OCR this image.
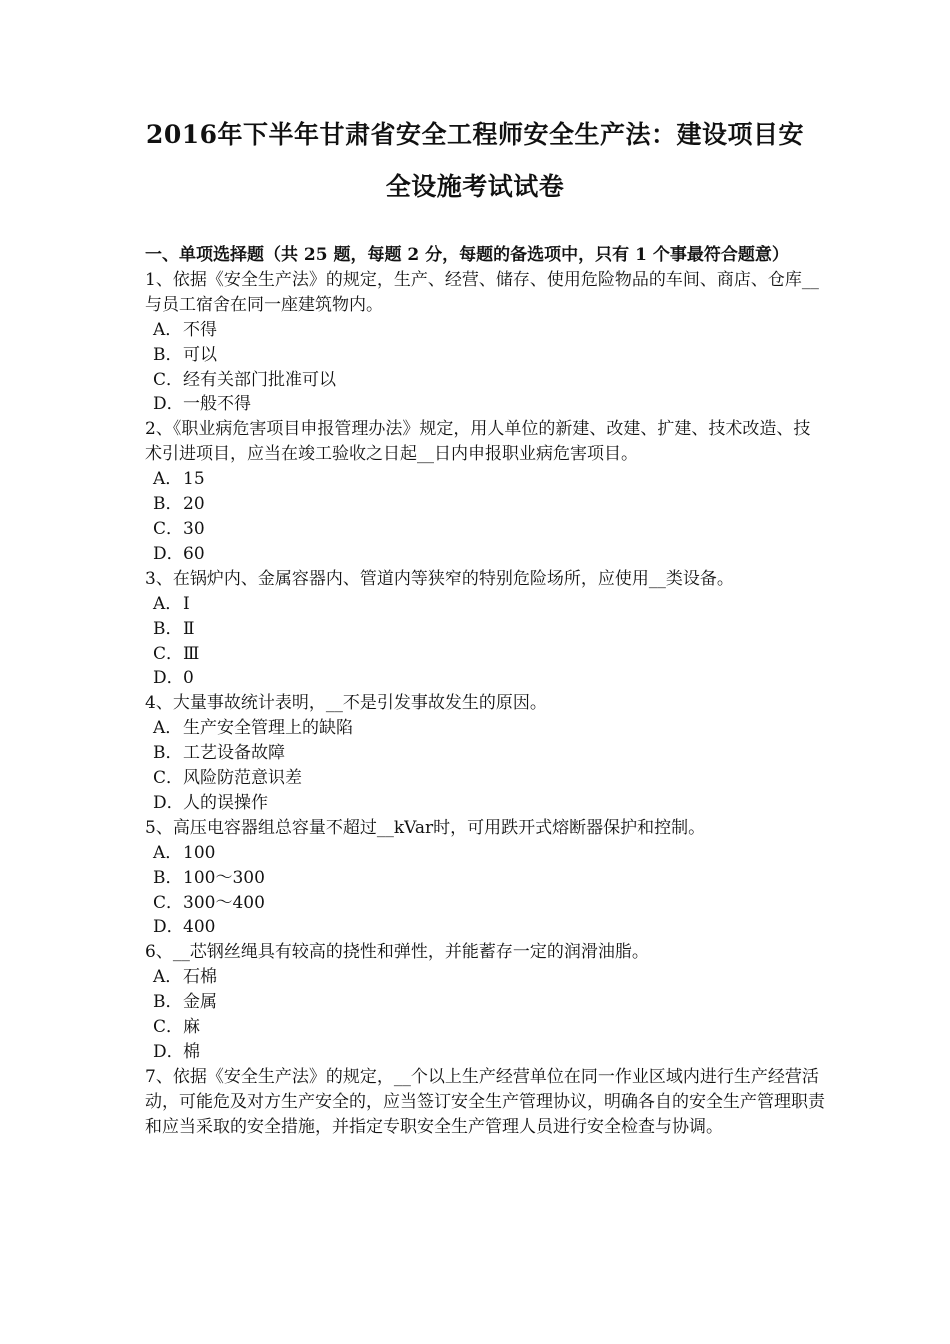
2016年下半年甘肃省安全工程师安全生产法：建设项目安
全设施考试试卷
一、单项选择题（共 25 题，每题 2 分，每题的备选项中，只有 1 个事最符合题意）
1、依据《安全生产法》的规定，生产、经营、储存、使用危险物品的车间、商店、仓库__与员工宿舍在同一座建筑物内。
A．不得
B．可以
C．经有关部门批准可以
D．一般不得
2、《职业病危害项目申报管理办法》规定，用人单位的新建、改建、扩建、技术改造、技术引进项目，应当在竣工验收之日起__日内申报职业病危害项目。
A．15
B．20
C．30
D．60
3、在锅炉内、金属容器内、管道内等狭窄的特别危险场所，应使用__类设备。
A．Ⅰ
B．Ⅱ
C．Ⅲ
D．0
4、大量事故统计表明，__不是引发事故发生的原因。
A．生产安全管理上的缺陷
B．工艺设备故障
C．风险防范意识差
D．人的误操作
5、高压电容器组总容量不超过__kVar时，可用跌开式熔断器保护和控制。
A．100
B．100～300
C．300～400
D．400
6、__芯钢丝绳具有较高的挠性和弹性，并能蓄存一定的润滑油脂。
A．石棉
B．金属
C．麻
D．棉
7、依据《安全生产法》的规定，__个以上生产经营单位在同一作业区域内进行生产经营活动，可能危及对方生产安全的，应当签订安全生产管理协议，明确各自的安全生产管理职责和应当采取的安全措施，并指定专职安全生产管理人员进行安全检查与协调。
